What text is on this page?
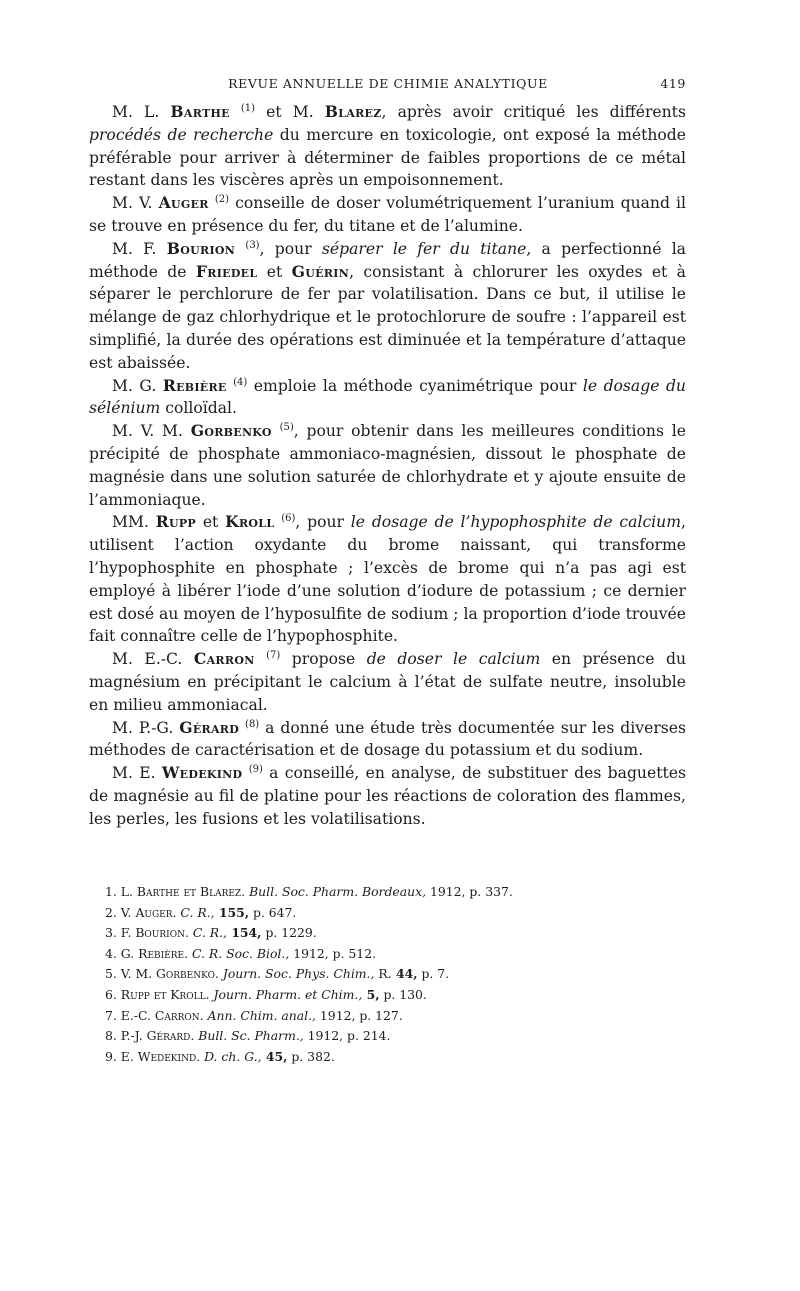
REVUE ANNUELLE DE CHIMIE ANALYTIQUE	419

M. L. Barthe $^{(1)}$ et M. Blarez, après avoir critiqué les différents procédés de recherche du mercure en toxicologie, ont exposé la méthode préférable pour arriver à déterminer de faibles proportions de ce métal restant dans les viscères après un empoisonnement.

M. V. Auger $^{(2)}$ conseille de doser volumétriquement l’uranium quand il se trouve en présence du fer, du titane et de l’alumine.

M. F. Bourion $^{(3)}$, pour séparer le fer du titane, a perfectionné la méthode de Friedel et Guérin, consistant à chlorurer les oxydes et à séparer le perchlorure de fer par volatilisation. Dans ce but, il utilise le mélange de gaz chlorhydrique et le protochlorure de soufre : l’appareil est simplifié, la durée des opérations est diminuée et la température d’attaque est abaissée.

M. G. Rebière $^{(4)}$ emploie la méthode cyanimétrique pour le dosage du sélénium colloïdal.

M. V. M. Gorbenko $^{(5)}$, pour obtenir dans les meilleures conditions le précipité de phosphate ammoniaco-magnésien, dissout le phosphate de magnésie dans une solution saturée de chlorhydrate et y ajoute ensuite de l’ammoniaque.

MM. Rupp et Kroll $^{(6)}$, pour le dosage de l’hypophosphite de calcium, utilisent l’action oxydante du brome naissant, qui transforme l’hypophosphite en phosphate ; l’excès de brome qui n’a pas agi est employé à libérer l’iode d’une solution d’iodure de potassium ; ce dernier est dosé au moyen de l’hyposulfite de sodium ; la proportion d’iode trouvée fait connaître celle de l’hypophosphite.

M. E.-C. Carron $^{(7)}$ propose de doser le calcium en présence du magnésium en précipitant le calcium à l’état de sulfate neutre, insoluble en milieu ammoniacal.

M. P.-G. Gérard $^{(8)}$ a donné une étude très documentée sur les diverses méthodes de caractérisation et de dosage du potassium et du sodium.

M. E. Wedekind $^{(9)}$ a conseillé, en analyse, de substituer des baguettes de magnésie au fil de platine pour les réactions de coloration des flammes, les perles, les fusions et les volatilisations.

1. L. Barthe et Blarez. Bull. Soc. Pharm. Bordeaux, 1912, p. 337.
2. V. Auger. C. R., 155, p. 647.
3. F. Bourion. C. R., 154, p. 1229.
4. G. Rebière. C. R. Soc. Biol., 1912, p. 512.
5. V. M. Gorbenko. Journ. Soc. Phys. Chim., R. 44, p. 7.
6. Rupp et Kroll. Journ. Pharm. et Chim., 5, p. 130.
7. E.-C. Carron. Ann. Chim. anal., 1912, p. 127.
8. P.-J. Gérard. Bull. Sc. Pharm., 1912, p. 214.
9. E. Wedekind. D. ch. G., 45, p. 382.
